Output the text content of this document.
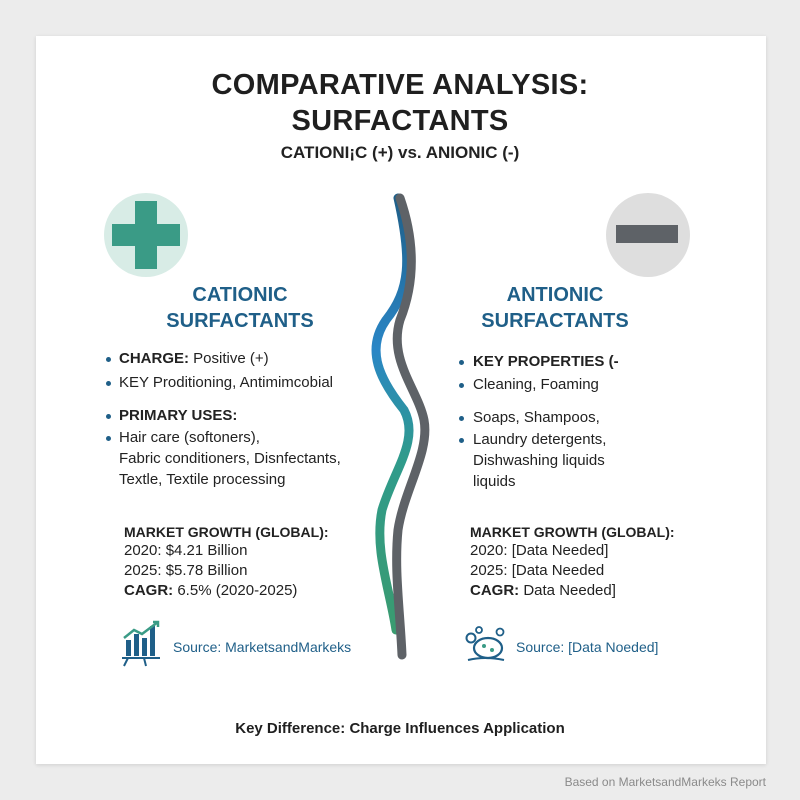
COMPARATIVE ANALYSIS:
SURFACTANTS
CATIONI¡C (+) vs. ANIONIC (-)
CATIONIC
SURFACTANTS
CHARGE: Positive (+)
KEY Proditioning, Antimimcobial
PRIMARY USES:
Hair care (softoners),
Fabric conditioners, Disnfectants,
Textle, Textile processing
MARKET GROWTH (GLOBAL):
2020: $4.21 Billion
2025: $5.78 Billion
CAGR: 6.5% (2020-2025)
Source: MarketsandMarkeks
ANTIONIC
SURFACTANTS
KEY PROPERTIES (-
Cleaning, Foaming
Soaps, Shampoos,
Laundry detergents,
Dishwashing liquids
liquids
MARKET GROWTH (GLOBAL):
2020: [Data Needed]
2025: [Data Needed
CAGR: Data Needed]
Source: [Data Noeded]
Key Difference: Charge Influences Application
Based on MarketsandMarkeks Report
